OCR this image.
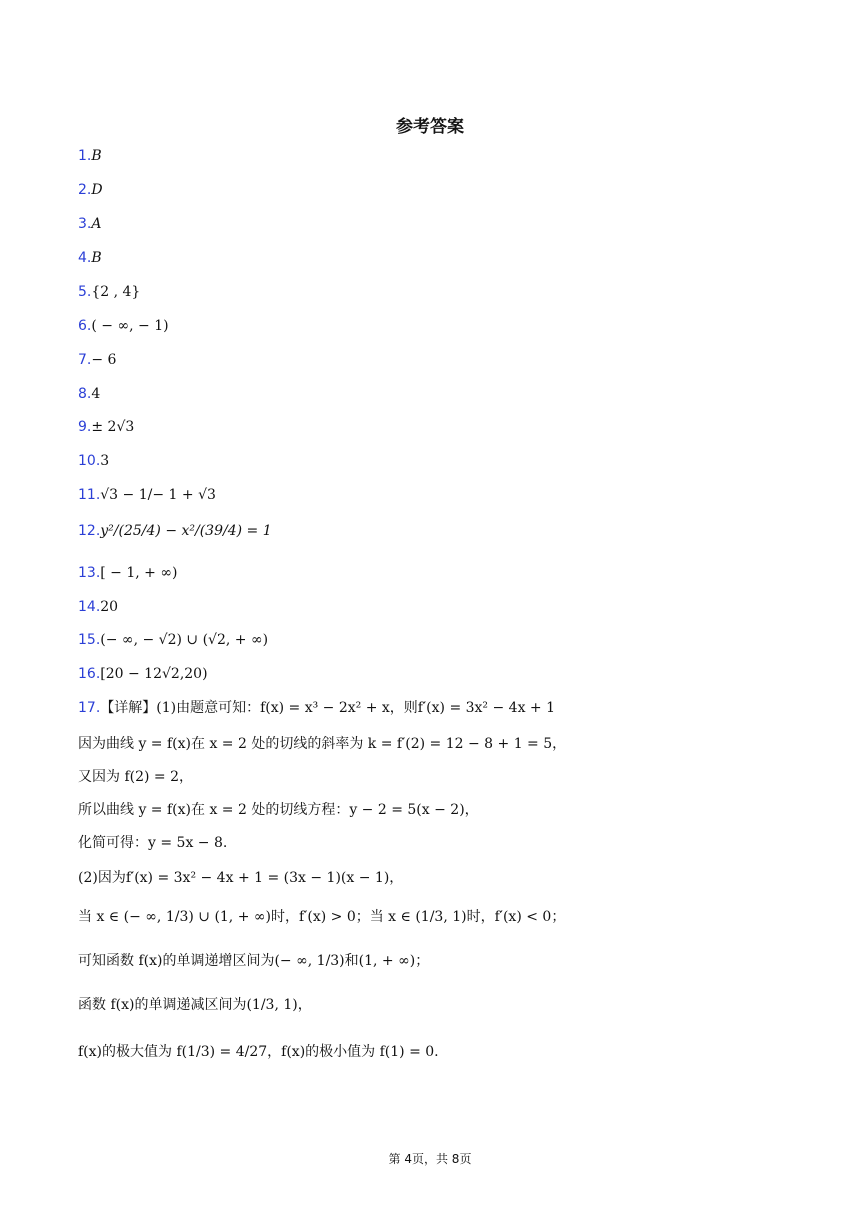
参考答案
1.B
2.D
3.A
4.B
5.{2 , 4}
6.( − ∞, − 1)
7.− 6
8.4
9.± 2√3
10.3
11.√3 − 1/− 1 + √3
12.y²/(25/4) − x²/(39/4) = 1
13.[ − 1, + ∞)
14.20
15.(− ∞, − √2) ∪ (√2, + ∞)
16.[20 − 12√2,20)
17.【详解】(1)由题意可知：f(x) = x³ − 2x² + x，则f′(x) = 3x² − 4x + 1
因为曲线 y = f(x)在 x = 2 处的切线的斜率为 k = f′(2) = 12 − 8 + 1 = 5，
又因为 f(2) = 2，
所以曲线 y = f(x)在 x = 2 处的切线方程：y − 2 = 5(x − 2)，
化简可得：y = 5x − 8.
(2)因为f′(x) = 3x² − 4x + 1 = (3x − 1)(x − 1)，
当 x ∈ (− ∞, 1/3) ∪ (1, + ∞)时，f′(x) > 0；当 x ∈ (1/3, 1)时，f′(x) < 0；
可知函数 f(x)的单调递增区间为(− ∞, 1/3)和(1, + ∞)；
函数 f(x)的单调递减区间为(1/3, 1)，
f(x)的极大值为 f(1/3) = 4/27，f(x)的极小值为 f(1) = 0.
第 4页，共 8页
